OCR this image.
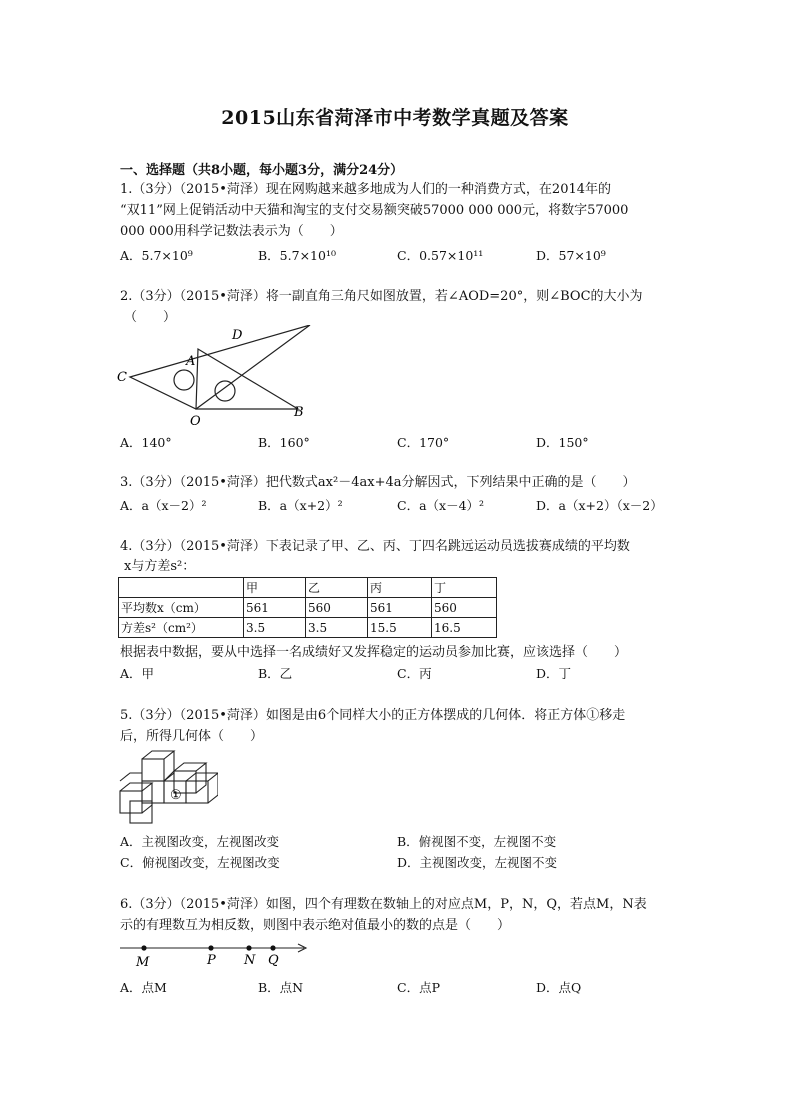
2015山东省菏泽市中考数学真题及答案
一、选择题（共8小题，每小题3分，满分24分）
1.（3分）（2015•菏泽）现在网购越来越多地成为人们的一种消费方式，在2014年的
“双11”网上促销活动中天猫和淘宝的支付交易额突破57000 000 000元，将数字57000
000 000用科学记数法表示为（　　）
A．5.7×10⁹	B．5.7×10¹⁰	C．0.57×10¹¹	D．57×10⁹
2.（3分）（2015•菏泽）将一副直角三角尺如图放置，若∠AOD=20°，则∠BOC的大小为
（　　）
C
A
D
O
B
A．140°	B．160°	C．170°	D．150°
3.（3分）（2015•菏泽）把代数式ax²－4ax+4a分解因式，下列结果中正确的是（　　）
A．a（x－2）²	B．a（x+2）²	C．a（x－4）²	D．a（x+2）（x－2）
4.（3分）（2015•菏泽）下表记录了甲、乙、丙、丁四名跳远运动员选拔赛成绩的平均数
x与方差s²：
	甲	乙	丙	丁
平均数x（cm）	561	560	561	560
方差s²（cm²）	3.5	3.5	15.5	16.5
根据表中数据，要从中选择一名成绩好又发挥稳定的运动员参加比赛，应该选择（　　）
A．甲	B．乙	C．丙	D．丁
5.（3分）（2015•菏泽）如图是由6个同样大小的正方体摆成的几何体．将正方体①移走
后，所得几何体（　　）
①
A．主视图改变，左视图改变	B．俯视图不变，左视图不变
C．俯视图改变，左视图改变	D．主视图改变，左视图不变
6.（3分）（2015•菏泽）如图，四个有理数在数轴上的对应点M，P，N，Q，若点M，N表
示的有理数互为相反数，则图中表示绝对值最小的数的点是（　　）
M	P N Q
A．点M	B．点N	C．点P	D．点Q
